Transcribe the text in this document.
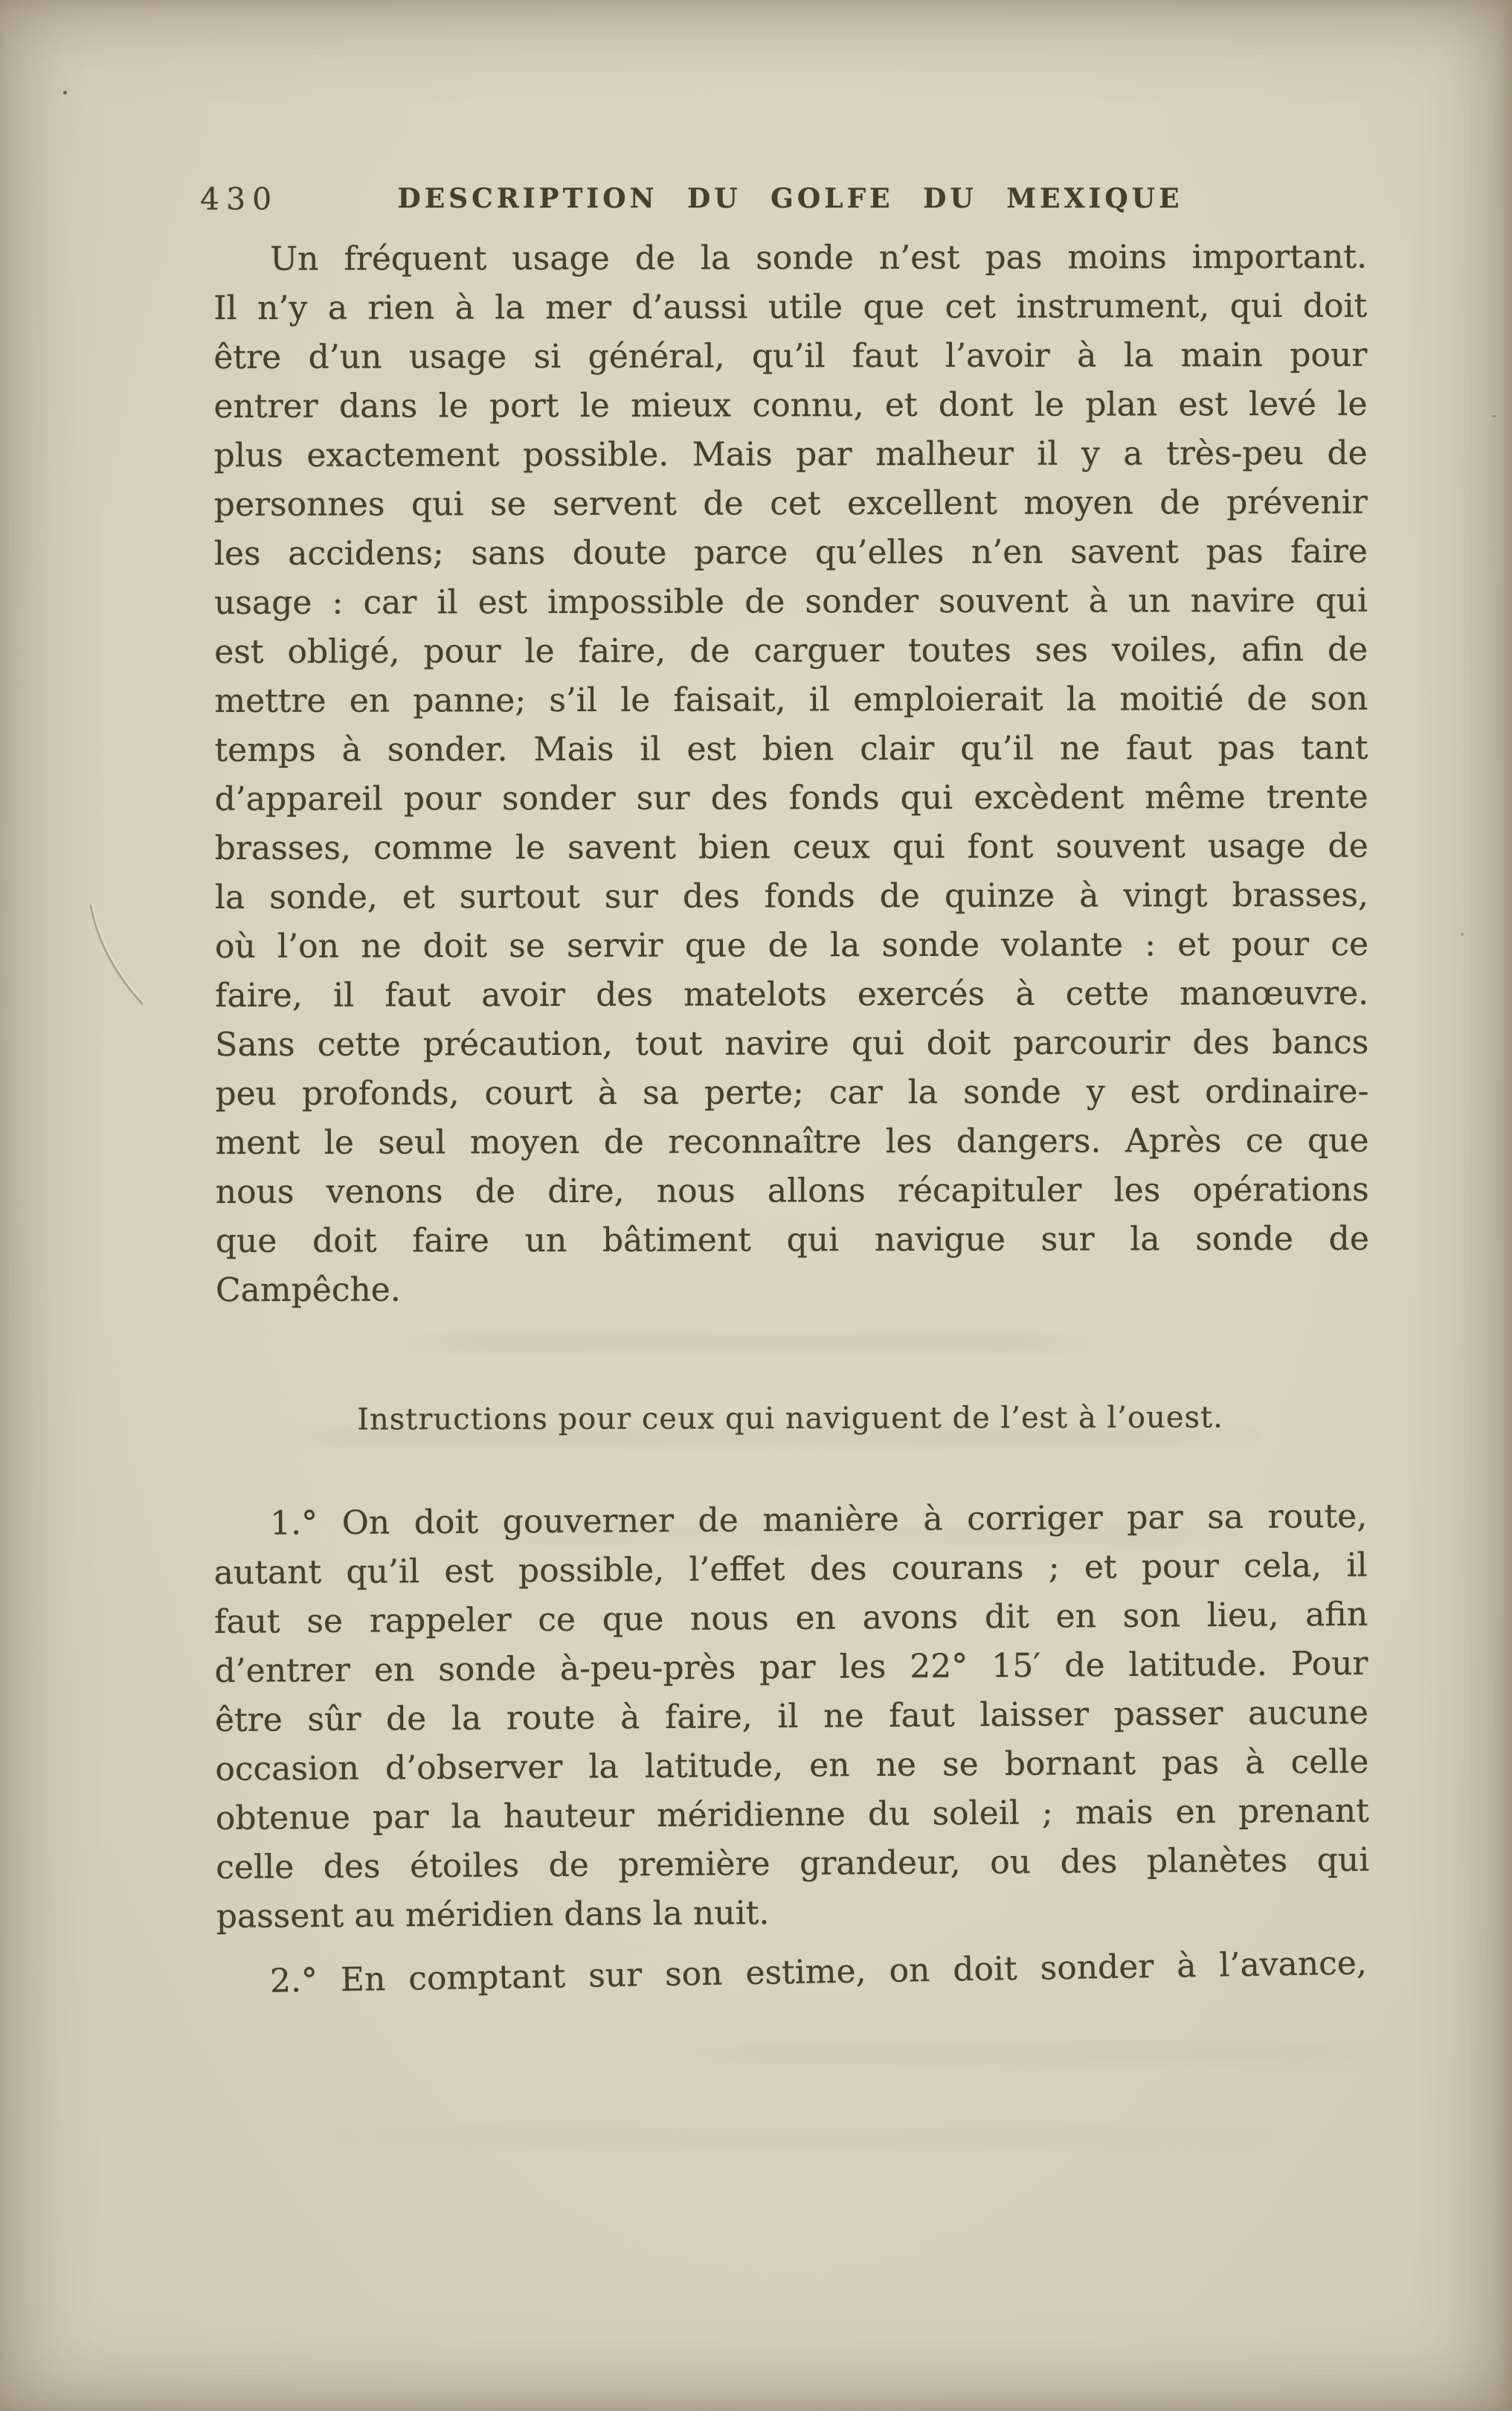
430	DESCRIPTION DU GOLFE DU MEXIQUE
Un fréquent usage de la sonde n’est pas moins important.
Il n’y a rien à la mer d’aussi utile que cet instrument, qui doit
être d’un usage si général, qu’il faut l’avoir à la main pour
entrer dans le port le mieux connu, et dont le plan est levé le
plus exactement possible. Mais par malheur il y a très-peu de
personnes qui se servent de cet excellent moyen de prévenir
les accidens; sans doute parce qu’elles n’en savent pas faire
usage : car il est impossible de sonder souvent à un navire qui
est obligé, pour le faire, de carguer toutes ses voiles, afin de
mettre en panne; s’il le faisait, il emploierait la moitié de son
temps à sonder. Mais il est bien clair qu’il ne faut pas tant
d’appareil pour sonder sur des fonds qui excèdent même trente
brasses, comme le savent bien ceux qui font souvent usage de
la sonde, et surtout sur des fonds de quinze à vingt brasses,
où l’on ne doit se servir que de la sonde volante : et pour ce
faire, il faut avoir des matelots exercés à cette manœuvre.
Sans cette précaution, tout navire qui doit parcourir des bancs
peu profonds, court à sa perte; car la sonde y est ordinaire-
ment le seul moyen de reconnaître les dangers. Après ce que
nous venons de dire, nous allons récapituler les opérations
que doit faire un bâtiment qui navigue sur la sonde de
Campêche.
Instructions pour ceux qui naviguent de l’est à l’ouest.
1.° On doit gouverner de manière à corriger par sa route,
autant qu’il est possible, l’effet des courans ; et pour cela, il
faut se rappeler ce que nous en avons dit en son lieu, afin
d’entrer en sonde à-peu-près par les 22° 15′ de latitude. Pour
être sûr de la route à faire, il ne faut laisser passer aucune
occasion d’observer la latitude, en ne se bornant pas à celle
obtenue par la hauteur méridienne du soleil ; mais en prenant
celle des étoiles de première grandeur, ou des planètes qui
passent au méridien dans la nuit.
2.° En comptant sur son estime, on doit sonder à l’avance,
